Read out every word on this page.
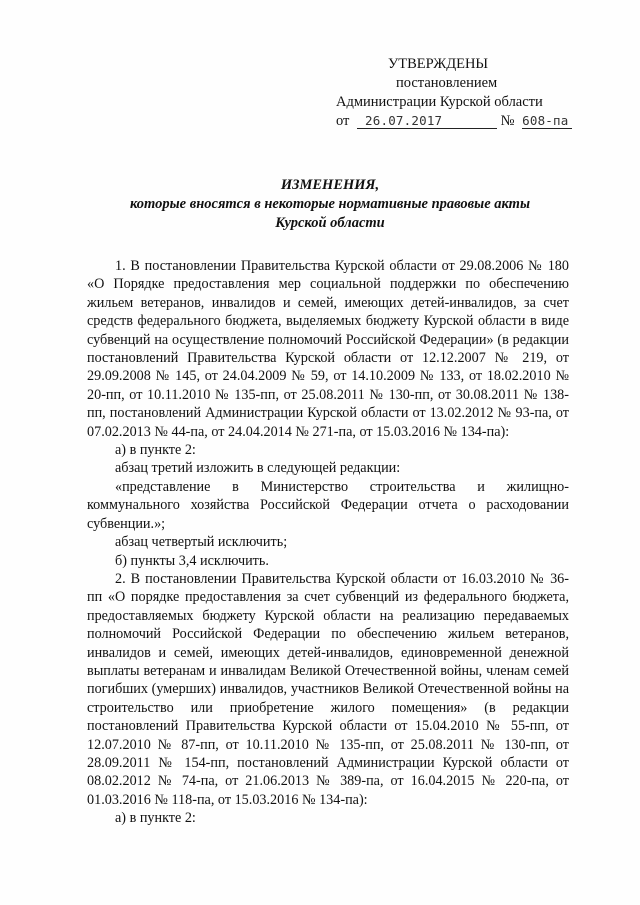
УТВЕРЖДЕНЫ
постановлением
Администрации Курской области
от 26.07.2017	№ 608-па
ИЗМЕНЕНИЯ,
которые вносятся в некоторые нормативные правовые акты
Курской области

1. В постановлении Правительства Курской области от 29.08.2006 № 180 «О Порядке предоставления мер социальной поддержки по обеспечению жильем ветеранов, инвалидов и семей, имеющих детей-инвалидов, за счет средств федерального бюджета, выделяемых бюджету Курской области в виде субвенций на осуществление полномочий Российской Федерации» (в редакции постановлений Правительства Курской области от 12.12.2007 № 219, от 29.09.2008 № 145, от 24.04.2009 № 59, от 14.10.2009 № 133, от 18.02.2010 № 20-пп, от 10.11.2010 № 135-пп, от 25.08.2011 № 130-пп, от 30.08.2011 № 138-пп, постановлений Администрации Курской области от 13.02.2012 № 93-па, от 07.02.2013 № 44-па, от 24.04.2014 № 271-па, от 15.03.2016 № 134-па):

а) в пункте 2:

абзац третий изложить в следующей редакции:

«представление в Министерство строительства и жилищно-коммунального хозяйства Российской Федерации отчета о расходовании субвенции.»;

абзац четвертый исключить;

б) пункты 3,4 исключить.

2. В постановлении Правительства Курской области от 16.03.2010 № 36-пп «О порядке предоставления за счет субвенций из федерального бюджета, предоставляемых бюджету Курской области на реализацию передаваемых полномочий Российской Федерации по обеспечению жильем ветеранов, инвалидов и семей, имеющих детей-инвалидов, единовременной денежной выплаты ветеранам и инвалидам Великой Отечественной войны, членам семей погибших (умерших) инвалидов, участников Великой Отечественной войны на строительство или приобретение жилого помещения» (в редакции постановлений Правительства Курской области от 15.04.2010 № 55-пп, от 12.07.2010 № 87-пп, от 10.11.2010 № 135-пп, от 25.08.2011 № 130-пп, от 28.09.2011 № 154-пп, постановлений Администрации Курской области от 08.02.2012 № 74-па, от 21.06.2013 № 389-па, от 16.04.2015 № 220-па, от 01.03.2016 № 118-па, от 15.03.2016 № 134-па):

а) в пункте 2:
